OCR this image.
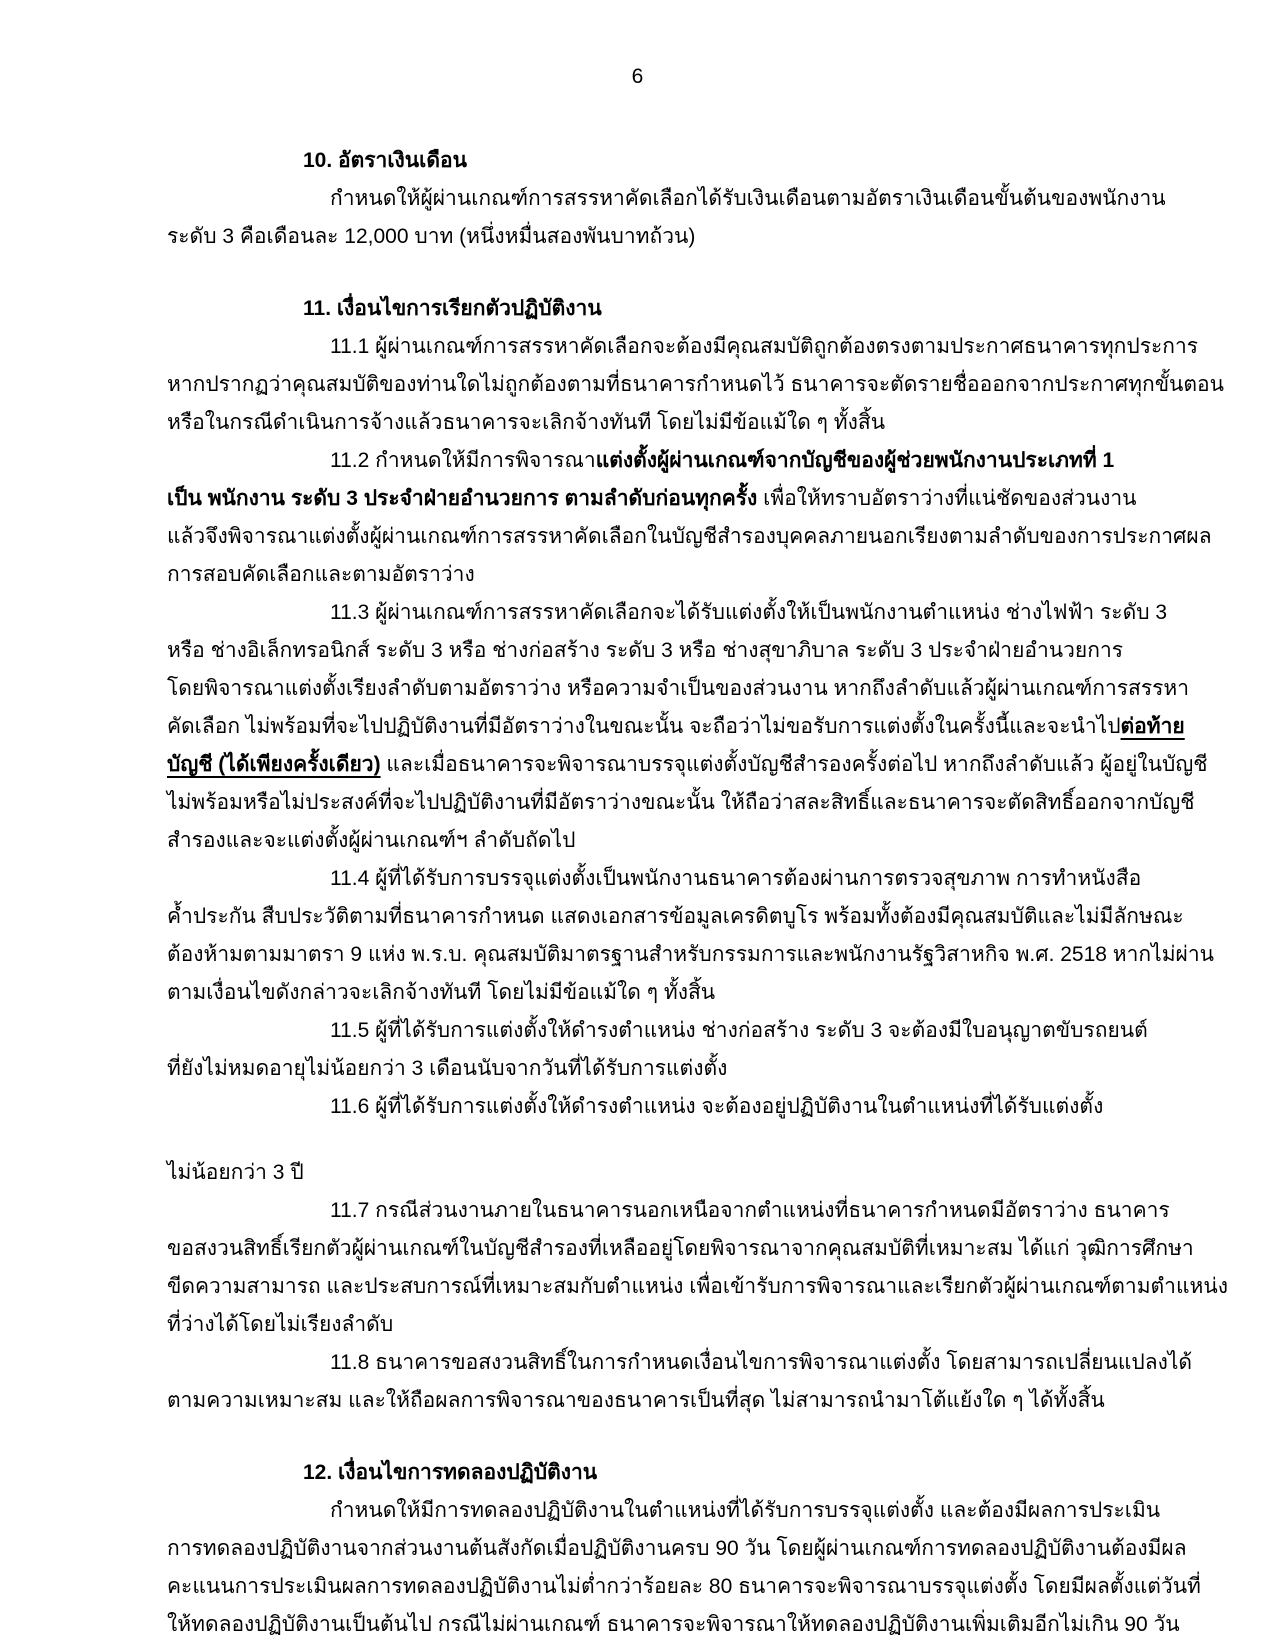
6
10. อัตราเงินเดือน
กำหนดให้ผู้ผ่านเกณฑ์การสรรหาคัดเลือกได้รับเงินเดือนตามอัตราเงินเดือนขั้นต้นของพนักงาน
ระดับ 3 คือเดือนละ 12,000 บาท (หนึ่งหมื่นสองพันบาทถ้วน)
11. เงื่อนไขการเรียกตัวปฏิบัติงาน
11.1 ผู้ผ่านเกณฑ์การสรรหาคัดเลือกจะต้องมีคุณสมบัติถูกต้องตรงตามประกาศธนาคารทุกประการ
หากปรากฏว่าคุณสมบัติของท่านใดไม่ถูกต้องตามที่ธนาคารกำหนดไว้ ธนาคารจะตัดรายชื่อออกจากประกาศทุกขั้นตอน
หรือในกรณีดำเนินการจ้างแล้วธนาคารจะเลิกจ้างทันที โดยไม่มีข้อแม้ใด ๆ ทั้งสิ้น
11.2 กำหนดให้มีการพิจารณาแต่งตั้งผู้ผ่านเกณฑ์จากบัญชีของผู้ช่วยพนักงานประเภทที่ 1
เป็น พนักงาน ระดับ 3 ประจำฝ่ายอำนวยการ ตามลำดับก่อนทุกครั้ง เพื่อให้ทราบอัตราว่างที่แน่ชัดของส่วนงาน
แล้วจึงพิจารณาแต่งตั้งผู้ผ่านเกณฑ์การสรรหาคัดเลือกในบัญชีสำรองบุคคลภายนอกเรียงตามลำดับของการประกาศผล
การสอบคัดเลือกและตามอัตราว่าง
11.3 ผู้ผ่านเกณฑ์การสรรหาคัดเลือกจะได้รับแต่งตั้งให้เป็นพนักงานตำแหน่ง ช่างไฟฟ้า ระดับ 3
หรือ ช่างอิเล็กทรอนิกส์ ระดับ 3 หรือ ช่างก่อสร้าง ระดับ 3 หรือ ช่างสุขาภิบาล ระดับ 3 ประจำฝ่ายอำนวยการ
โดยพิจารณาแต่งตั้งเรียงลำดับตามอัตราว่าง หรือความจำเป็นของส่วนงาน หากถึงลำดับแล้วผู้ผ่านเกณฑ์การสรรหา
คัดเลือก ไม่พร้อมที่จะไปปฏิบัติงานที่มีอัตราว่างในขณะนั้น จะถือว่าไม่ขอรับการแต่งตั้งในครั้งนี้และจะนำไปต่อท้าย
บัญชี (ได้เพียงครั้งเดียว) และเมื่อธนาคารจะพิจารณาบรรจุแต่งตั้งบัญชีสำรองครั้งต่อไป หากถึงลำดับแล้ว ผู้อยู่ในบัญชี
ไม่พร้อมหรือไม่ประสงค์ที่จะไปปฏิบัติงานที่มีอัตราว่างขณะนั้น ให้ถือว่าสละสิทธิ์และธนาคารจะตัดสิทธิ์ออกจากบัญชี
สำรองและจะแต่งตั้งผู้ผ่านเกณฑ์ฯ ลำดับถัดไป
11.4 ผู้ที่ได้รับการบรรจุแต่งตั้งเป็นพนักงานธนาคารต้องผ่านการตรวจสุขภาพ การทำหนังสือ
ค้ำประกัน สืบประวัติตามที่ธนาคารกำหนด แสดงเอกสารข้อมูลเครดิตบูโร พร้อมทั้งต้องมีคุณสมบัติและไม่มีลักษณะ
ต้องห้ามตามมาตรา 9 แห่ง พ.ร.บ. คุณสมบัติมาตรฐานสำหรับกรรมการและพนักงานรัฐวิสาหกิจ พ.ศ. 2518 หากไม่ผ่าน
ตามเงื่อนไขดังกล่าวจะเลิกจ้างทันที โดยไม่มีข้อแม้ใด ๆ ทั้งสิ้น
11.5 ผู้ที่ได้รับการแต่งตั้งให้ดำรงตำแหน่ง ช่างก่อสร้าง ระดับ 3 จะต้องมีใบอนุญาตขับรถยนต์
ที่ยังไม่หมดอายุไม่น้อยกว่า 3 เดือนนับจากวันที่ได้รับการแต่งตั้ง
11.6 ผู้ที่ได้รับการแต่งตั้งให้ดำรงตำแหน่ง จะต้องอยู่ปฏิบัติงานในตำแหน่งที่ได้รับแต่งตั้ง
ไม่น้อยกว่า 3 ปี
11.7 กรณีส่วนงานภายในธนาคารนอกเหนือจากตำแหน่งที่ธนาคารกำหนดมีอัตราว่าง ธนาคาร
ขอสงวนสิทธิ์เรียกตัวผู้ผ่านเกณฑ์ในบัญชีสำรองที่เหลืออยู่โดยพิจารณาจากคุณสมบัติที่เหมาะสม ได้แก่ วุฒิการศึกษา
ขีดความสามารถ และประสบการณ์ที่เหมาะสมกับตำแหน่ง เพื่อเข้ารับการพิจารณาและเรียกตัวผู้ผ่านเกณฑ์ตามตำแหน่ง
ที่ว่างได้โดยไม่เรียงลำดับ
11.8 ธนาคารขอสงวนสิทธิ์ในการกำหนดเงื่อนไขการพิจารณาแต่งตั้ง โดยสามารถเปลี่ยนแปลงได้
ตามความเหมาะสม และให้ถือผลการพิจารณาของธนาคารเป็นที่สุด ไม่สามารถนำมาโต้แย้งใด ๆ ได้ทั้งสิ้น
12. เงื่อนไขการทดลองปฏิบัติงาน
กำหนดให้มีการทดลองปฏิบัติงานในตำแหน่งที่ได้รับการบรรจุแต่งตั้ง และต้องมีผลการประเมิน
การทดลองปฏิบัติงานจากส่วนงานต้นสังกัดเมื่อปฏิบัติงานครบ 90 วัน โดยผู้ผ่านเกณฑ์การทดลองปฏิบัติงานต้องมีผล
คะแนนการประเมินผลการทดลองปฏิบัติงานไม่ต่ำกว่าร้อยละ 80 ธนาคารจะพิจารณาบรรจุแต่งตั้ง โดยมีผลตั้งแต่วันที่
ให้ทดลองปฏิบัติงานเป็นต้นไป กรณีไม่ผ่านเกณฑ์ ธนาคารจะพิจารณาให้ทดลองปฏิบัติงานเพิ่มเติมอีกไม่เกิน 90 วัน
